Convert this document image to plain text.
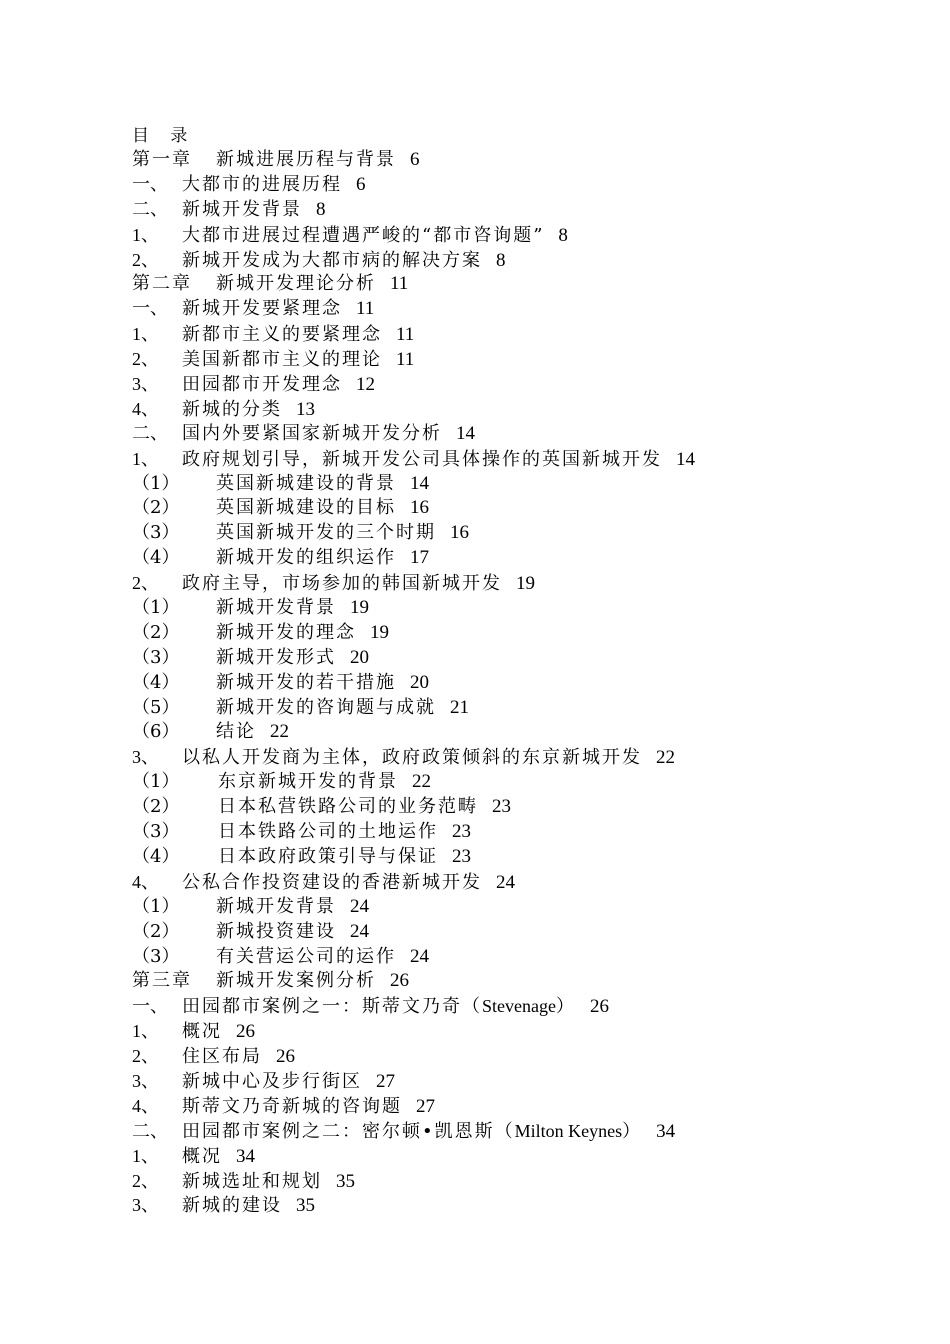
目 录
第一章 新城进展历程与背景 6
一、 大都市的进展历程 6
二、 新城开发背景 8
1、 大都市进展过程遭遇严峻的“都市咨询题” 8
2、 新城开发成为大都市病的解决方案 8
第二章 新城开发理论分析 11
一、 新城开发要紧理念 11
1、 新都市主义的要紧理念 11
2、 美国新都市主义的理论 11
3、 田园都市开发理念 12
4、 新城的分类 13
二、 国内外要紧国家新城开发分析 14
1、 政府规划引导，新城开发公司具体操作的英国新城开发 14
（1） 英国新城建设的背景 14
（2） 英国新城建设的目标 16
（3） 英国新城开发的三个时期 16
（4） 新城开发的组织运作 17
2、 政府主导，市场参加的韩国新城开发 19
（1） 新城开发背景 19
（2） 新城开发的理念 19
（3） 新城开发形式 20
（4） 新城开发的若干措施 20
（5） 新城开发的咨询题与成就 21
（6） 结论 22
3、 以私人开发商为主体，政府政策倾斜的东京新城开发 22
（1） 东京新城开发的背景 22
（2） 日本私营铁路公司的业务范畴 23
（3） 日本铁路公司的土地运作 23
（4） 日本政府政策引导与保证 23
4、 公私合作投资建设的香港新城开发 24
（1） 新城开发背景 24
（2） 新城投资建设 24
（3） 有关营运公司的运作 24
第三章 新城开发案例分析 26
一、 田园都市案例之一：斯蒂文乃奇（Stevenage） 26
1、 概况 26
2、 住区布局 26
3、 新城中心及步行街区 27
4、 斯蒂文乃奇新城的咨询题 27
二、 田园都市案例之二：密尔顿•凯恩斯（Milton Keynes） 34
1、 概况 34
2、 新城选址和规划 35
3、 新城的建设 35
